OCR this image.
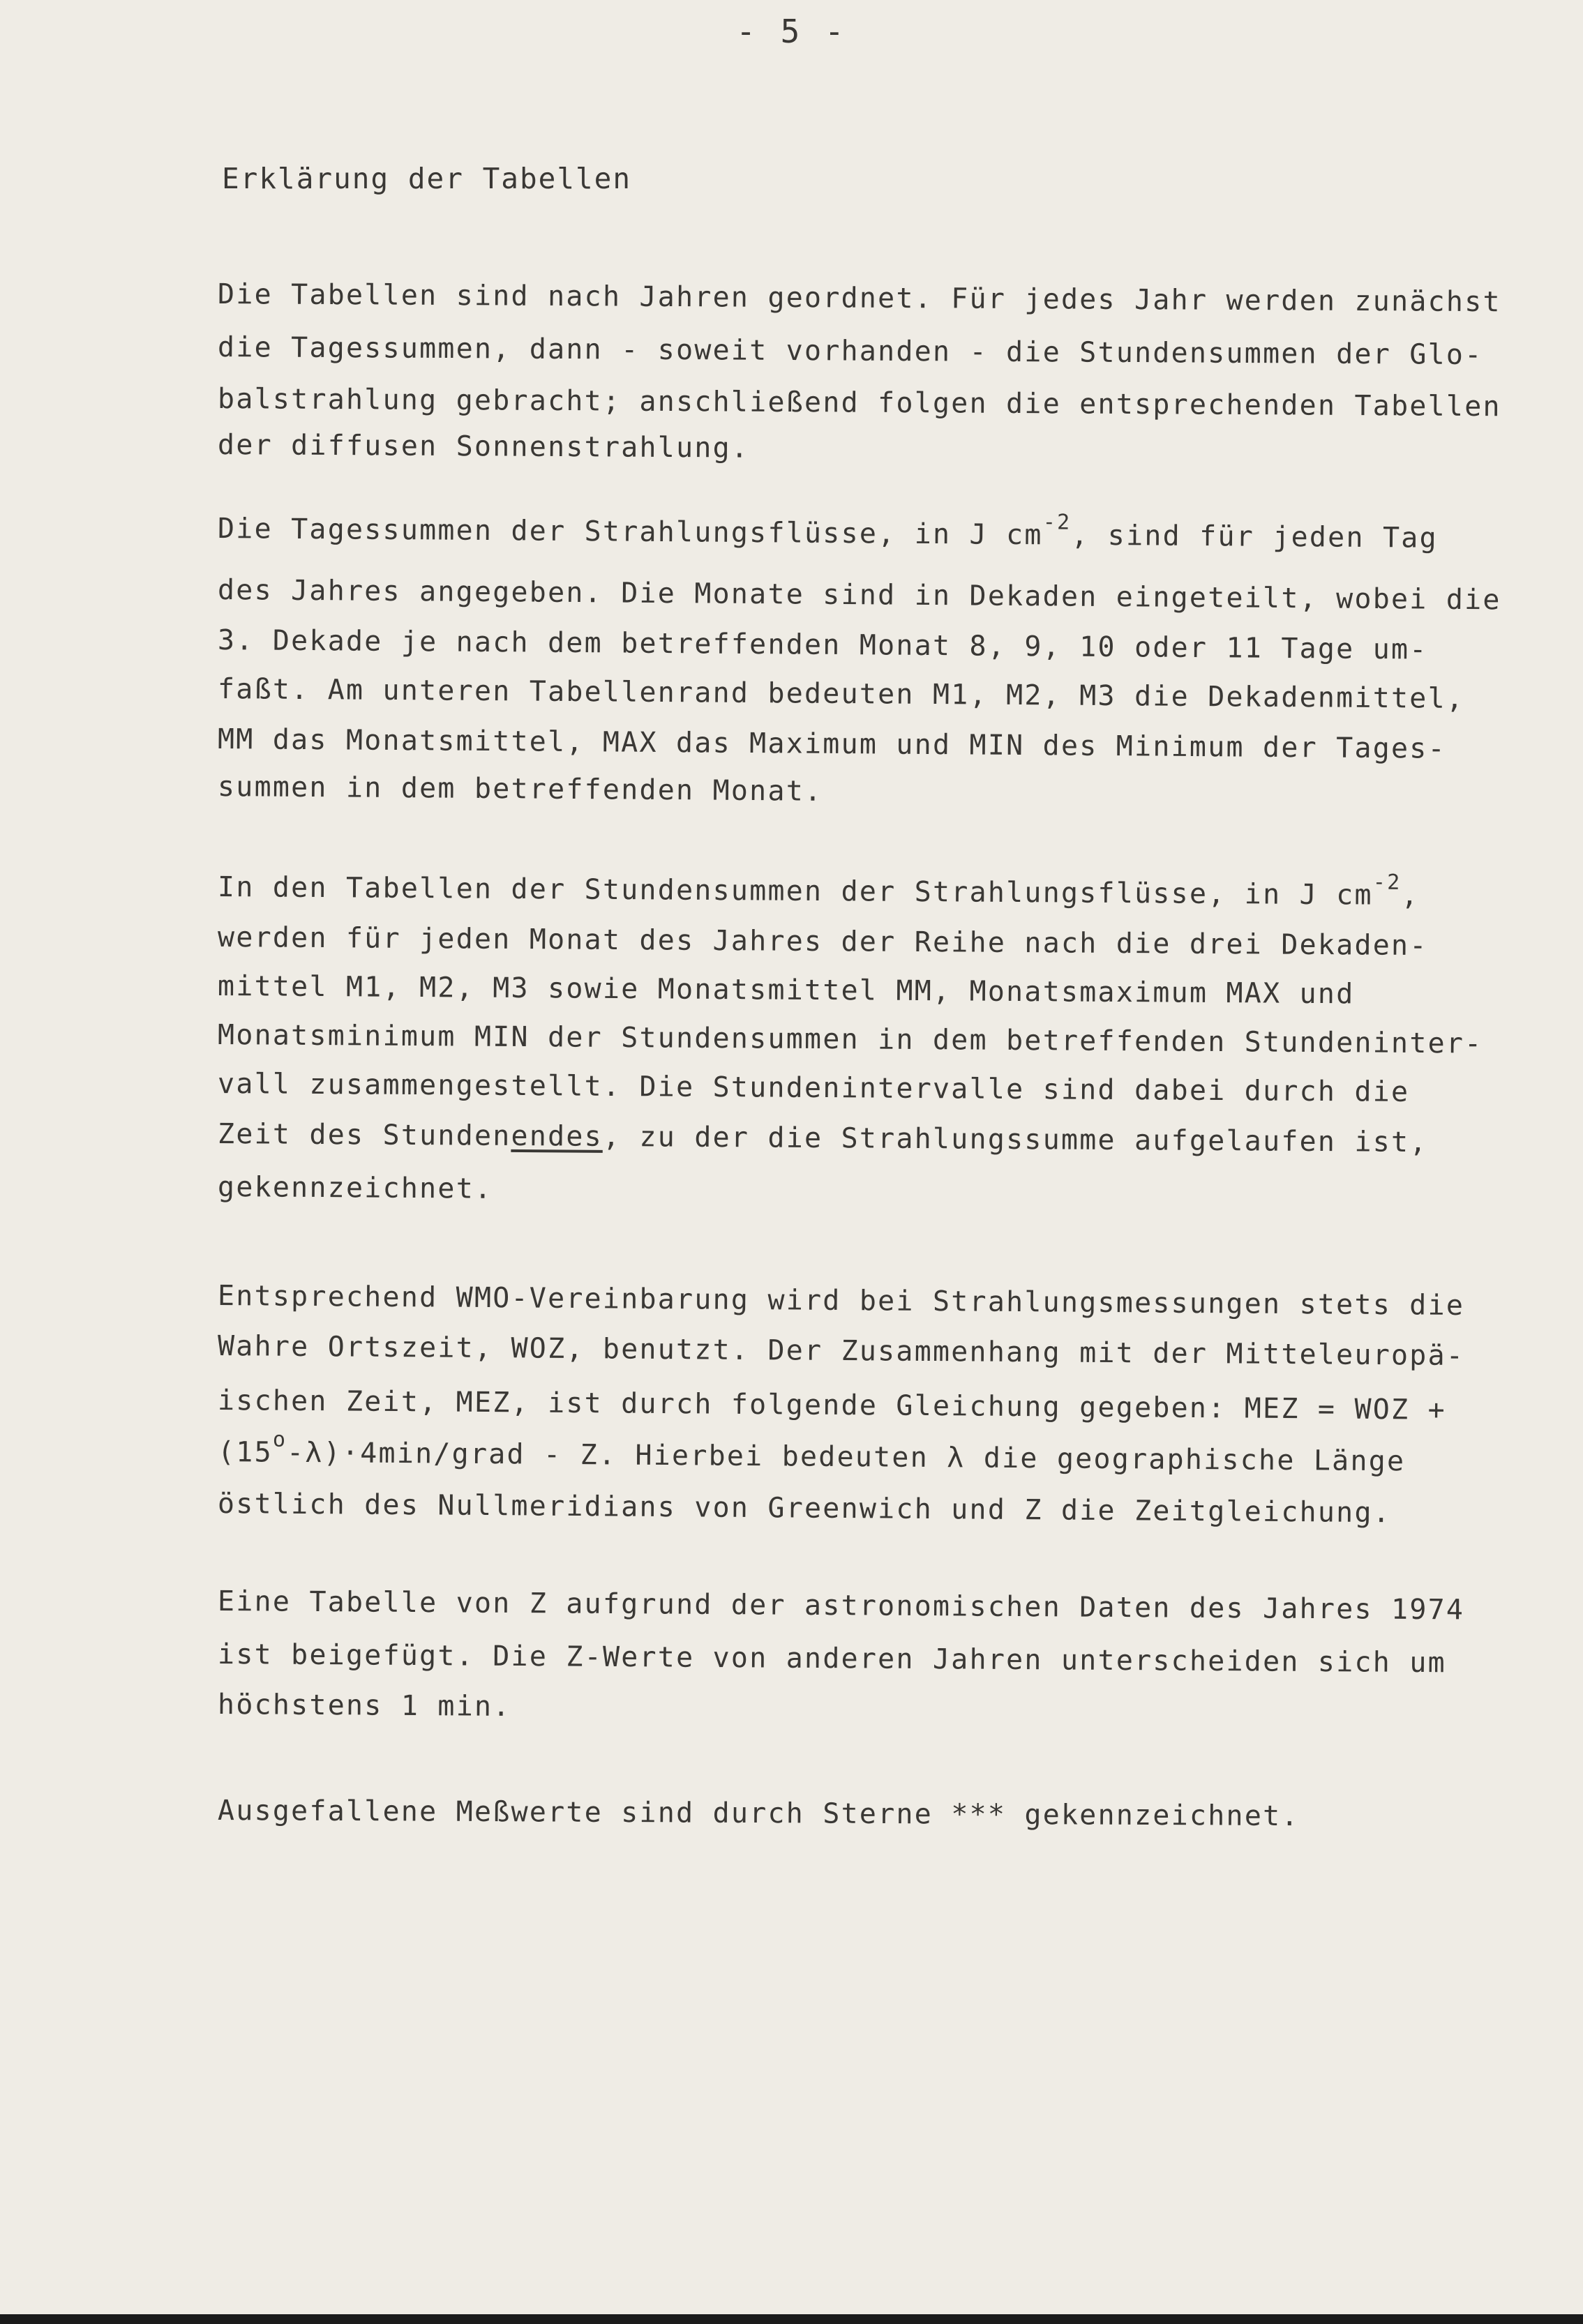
- 5 -
Erklärung der Tabellen
Die Tabellen sind nach Jahren geordnet. Für jedes Jahr werden zunächst
die Tagessummen, dann - soweit vorhanden - die Stundensummen der Glo-
balstrahlung gebracht; anschließend folgen die entsprechenden Tabellen
der diffusen Sonnenstrahlung.
Die Tagessummen der Strahlungsflüsse, in J $cm^{-2}$, sind für jeden Tag
des Jahres angegeben. Die Monate sind in Dekaden eingeteilt, wobei die
3. Dekade je nach dem betreffenden Monat 8, 9, 10 oder 11 Tage um-
faßt. Am unteren Tabellenrand bedeuten M1, M2, M3 die Dekadenmittel,
MM das Monatsmittel, MAX das Maximum und MIN des Minimum der Tages-
summen in dem betreffenden Monat.
In den Tabellen der Stundensummen der Strahlungsflüsse, in J $cm^{-2}$,
werden für jeden Monat des Jahres der Reihe nach die drei Dekaden-
mittel M1, M2, M3 sowie Monatsmittel MM, Monatsmaximum MAX und
Monatsminimum MIN der Stundensummen in dem betreffenden Stundeninter-
vall zusammengestellt. Die Stundenintervalle sind dabei durch die
Zeit des Stundenendes, zu der die Strahlungssumme aufgelaufen ist,
gekennzeichnet.
Entsprechend WMO-Vereinbarung wird bei Strahlungsmessungen stets die
Wahre Ortszeit, WOZ, benutzt. Der Zusammenhang mit der Mitteleuropä-
ischen Zeit, MEZ, ist durch folgende Gleichung gegeben: MEZ = WOZ +
$(15^o-\lambda)\cdot 4\min$/grad - Z. Hierbei bedeuten λ die geographische Länge
östlich des Nullmeridians von Greenwich und Z die Zeitgleichung.
Eine Tabelle von Z aufgrund der astronomischen Daten des Jahres 1974
ist beigefügt. Die Z-Werte von anderen Jahren unterscheiden sich um
höchstens 1 min.
Ausgefallene Meßwerte sind durch Sterne *** gekennzeichnet.
